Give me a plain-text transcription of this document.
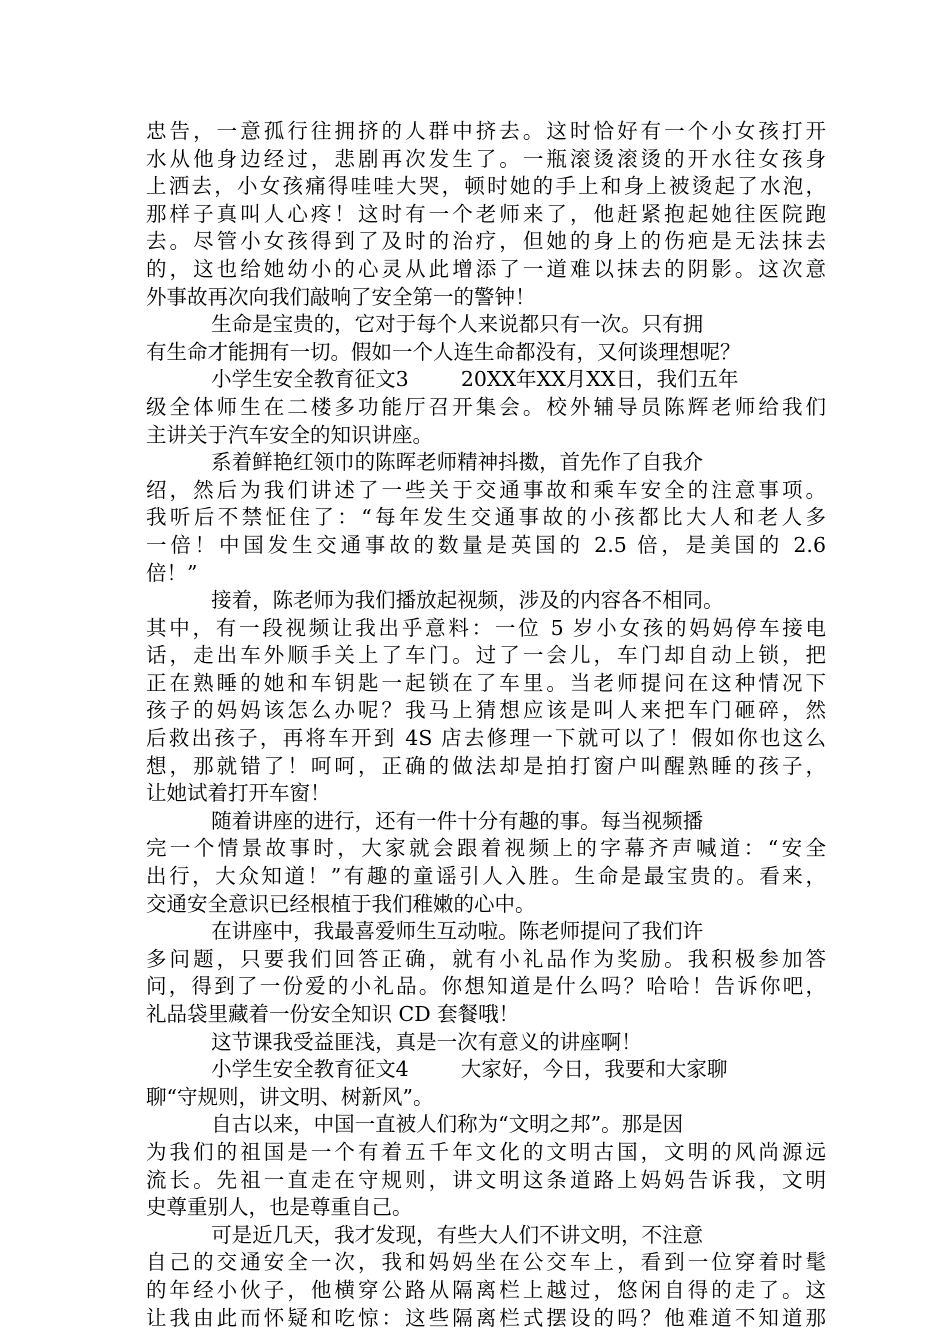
忠告，一意孤行往拥挤的人群中挤去。这时恰好有一个小女孩打开
水从他身边经过，悲剧再次发生了。一瓶滚烫滚烫的开水往女孩身
上洒去，小女孩痛得哇哇大哭，顿时她的手上和身上被烫起了水泡，
那样子真叫人心疼！这时有一个老师来了，他赶紧抱起她往医院跑
去。尽管小女孩得到了及时的治疗，但她的身上的伤疤是无法抹去
的，这也给她幼小的心灵从此增添了一道难以抹去的阴影。这次意
外事故再次向我们敲响了安全第一的警钟！
生命是宝贵的，它对于每个人来说都只有一次。只有拥
有生命才能拥有一切。假如一个人连生命都没有，又何谈理想呢？
小学生安全教育征文3        20XX年XX月XX日，我们五年
级全体师生在二楼多功能厅召开集会。校外辅导员陈辉老师给我们
主讲关于汽车安全的知识讲座。
系着鲜艳红领巾的陈晖老师精神抖擞，首先作了自我介
绍，然后为我们讲述了一些关于交通事故和乘车安全的注意事项。
我听后不禁怔住了：“每年发生交通事故的小孩都比大人和老人多
一倍！中国发生交通事故的数量是英国的 2.5 倍，是美国的 2.6
倍！”
接着，陈老师为我们播放起视频，涉及的内容各不相同。
其中，有一段视频让我出乎意料：一位 5 岁小女孩的妈妈停车接电
话，走出车外顺手关上了车门。过了一会儿，车门却自动上锁，把
正在熟睡的她和车钥匙一起锁在了车里。当老师提问在这种情况下
孩子的妈妈该怎么办呢？我马上猜想应该是叫人来把车门砸碎，然
后救出孩子，再将车开到 4S 店去修理一下就可以了！假如你也这么
想，那就错了！呵呵，正确的做法却是拍打窗户叫醒熟睡的孩子，
让她试着打开车窗！
随着讲座的进行，还有一件十分有趣的事。每当视频播
完一个情景故事时，大家就会跟着视频上的字幕齐声喊道：“安全
出行，大众知道！”有趣的童谣引人入胜。生命是最宝贵的。看来，
交通安全意识已经根植于我们稚嫩的心中。
在讲座中，我最喜爱师生互动啦。陈老师提问了我们许
多问题，只要我们回答正确，就有小礼品作为奖励。我积极参加答
问，得到了一份爱的小礼品。你想知道是什么吗？哈哈！告诉你吧，
礼品袋里藏着一份安全知识 CD 套餐哦！
这节课我受益匪浅，真是一次有意义的讲座啊！
小学生安全教育征文4        大家好，今日，我要和大家聊
聊“守规则，讲文明、树新风”。
自古以来，中国一直被人们称为“文明之邦”。那是因
为我们的祖国是一个有着五千年文化的文明古国，文明的风尚源远
流长。先祖一直走在守规则，讲文明这条道路上妈妈告诉我，文明
史尊重别人，也是尊重自己。
可是近几天，我才发现，有些大人们不讲文明，不注意
自己的交通安全一次，我和妈妈坐在公交车上，看到一位穿着时髦
的年经小伙子，他横穿公路从隔离栏上越过，悠闲自得的走了。这
让我由此而怀疑和吃惊：这些隔离栏式摆设的吗？他难道不知道那
